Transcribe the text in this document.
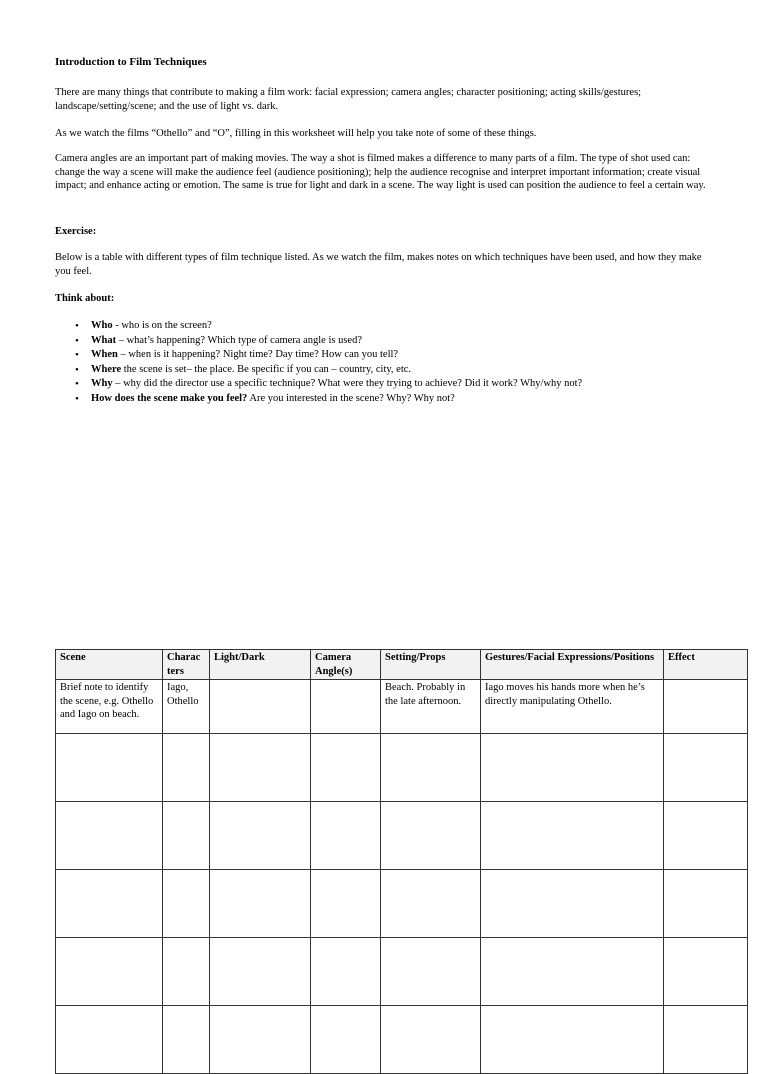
Introduction to Film Techniques

There are many things that contribute to making a film work: facial expression; camera angles; character positioning; acting skills/gestures; landscape/setting/scene; and the use of light vs. dark.

As we watch the films “Othello” and “O”, filling in this worksheet will help you take note of some of these things.

Camera angles are an important part of making movies. The way a shot is filmed makes a difference to many parts of a film. The type of shot used can: change the way a scene will make the audience feel (audience positioning); help the audience recognise and interpret important information; create visual impact; and enhance acting or emotion. The same is true for light and dark in a scene. The way light is used can position the audience to feel a certain way.

Exercise:

Below is a table with different types of film technique listed. As we watch the film, makes notes on which techniques have been used, and how they make you feel.

Think about:

• Who - who is on the screen?
• What – what’s happening? Which type of camera angle is used?
• When – when is it happening? Night time? Day time? How can you tell?
• Where the scene is set– the place. Be specific if you can – country, city, etc.
• Why – why did the director use a specific technique? What were they trying to achieve? Did it work? Why/why not?
• How does the scene make you feel? Are you interested in the scene? Why? Why not?
Scene	Charac ters	Light/Dark	Camera Angle(s)	Setting/Props	Gestures/Facial Expressions/Positions	Effect
Brief note to identify the scene, e.g. Othello and Iago on beach.	Iago, Othello			Beach. Probably in the late afternoon.	Iago moves his hands more when he’s directly manipulating Othello.	
